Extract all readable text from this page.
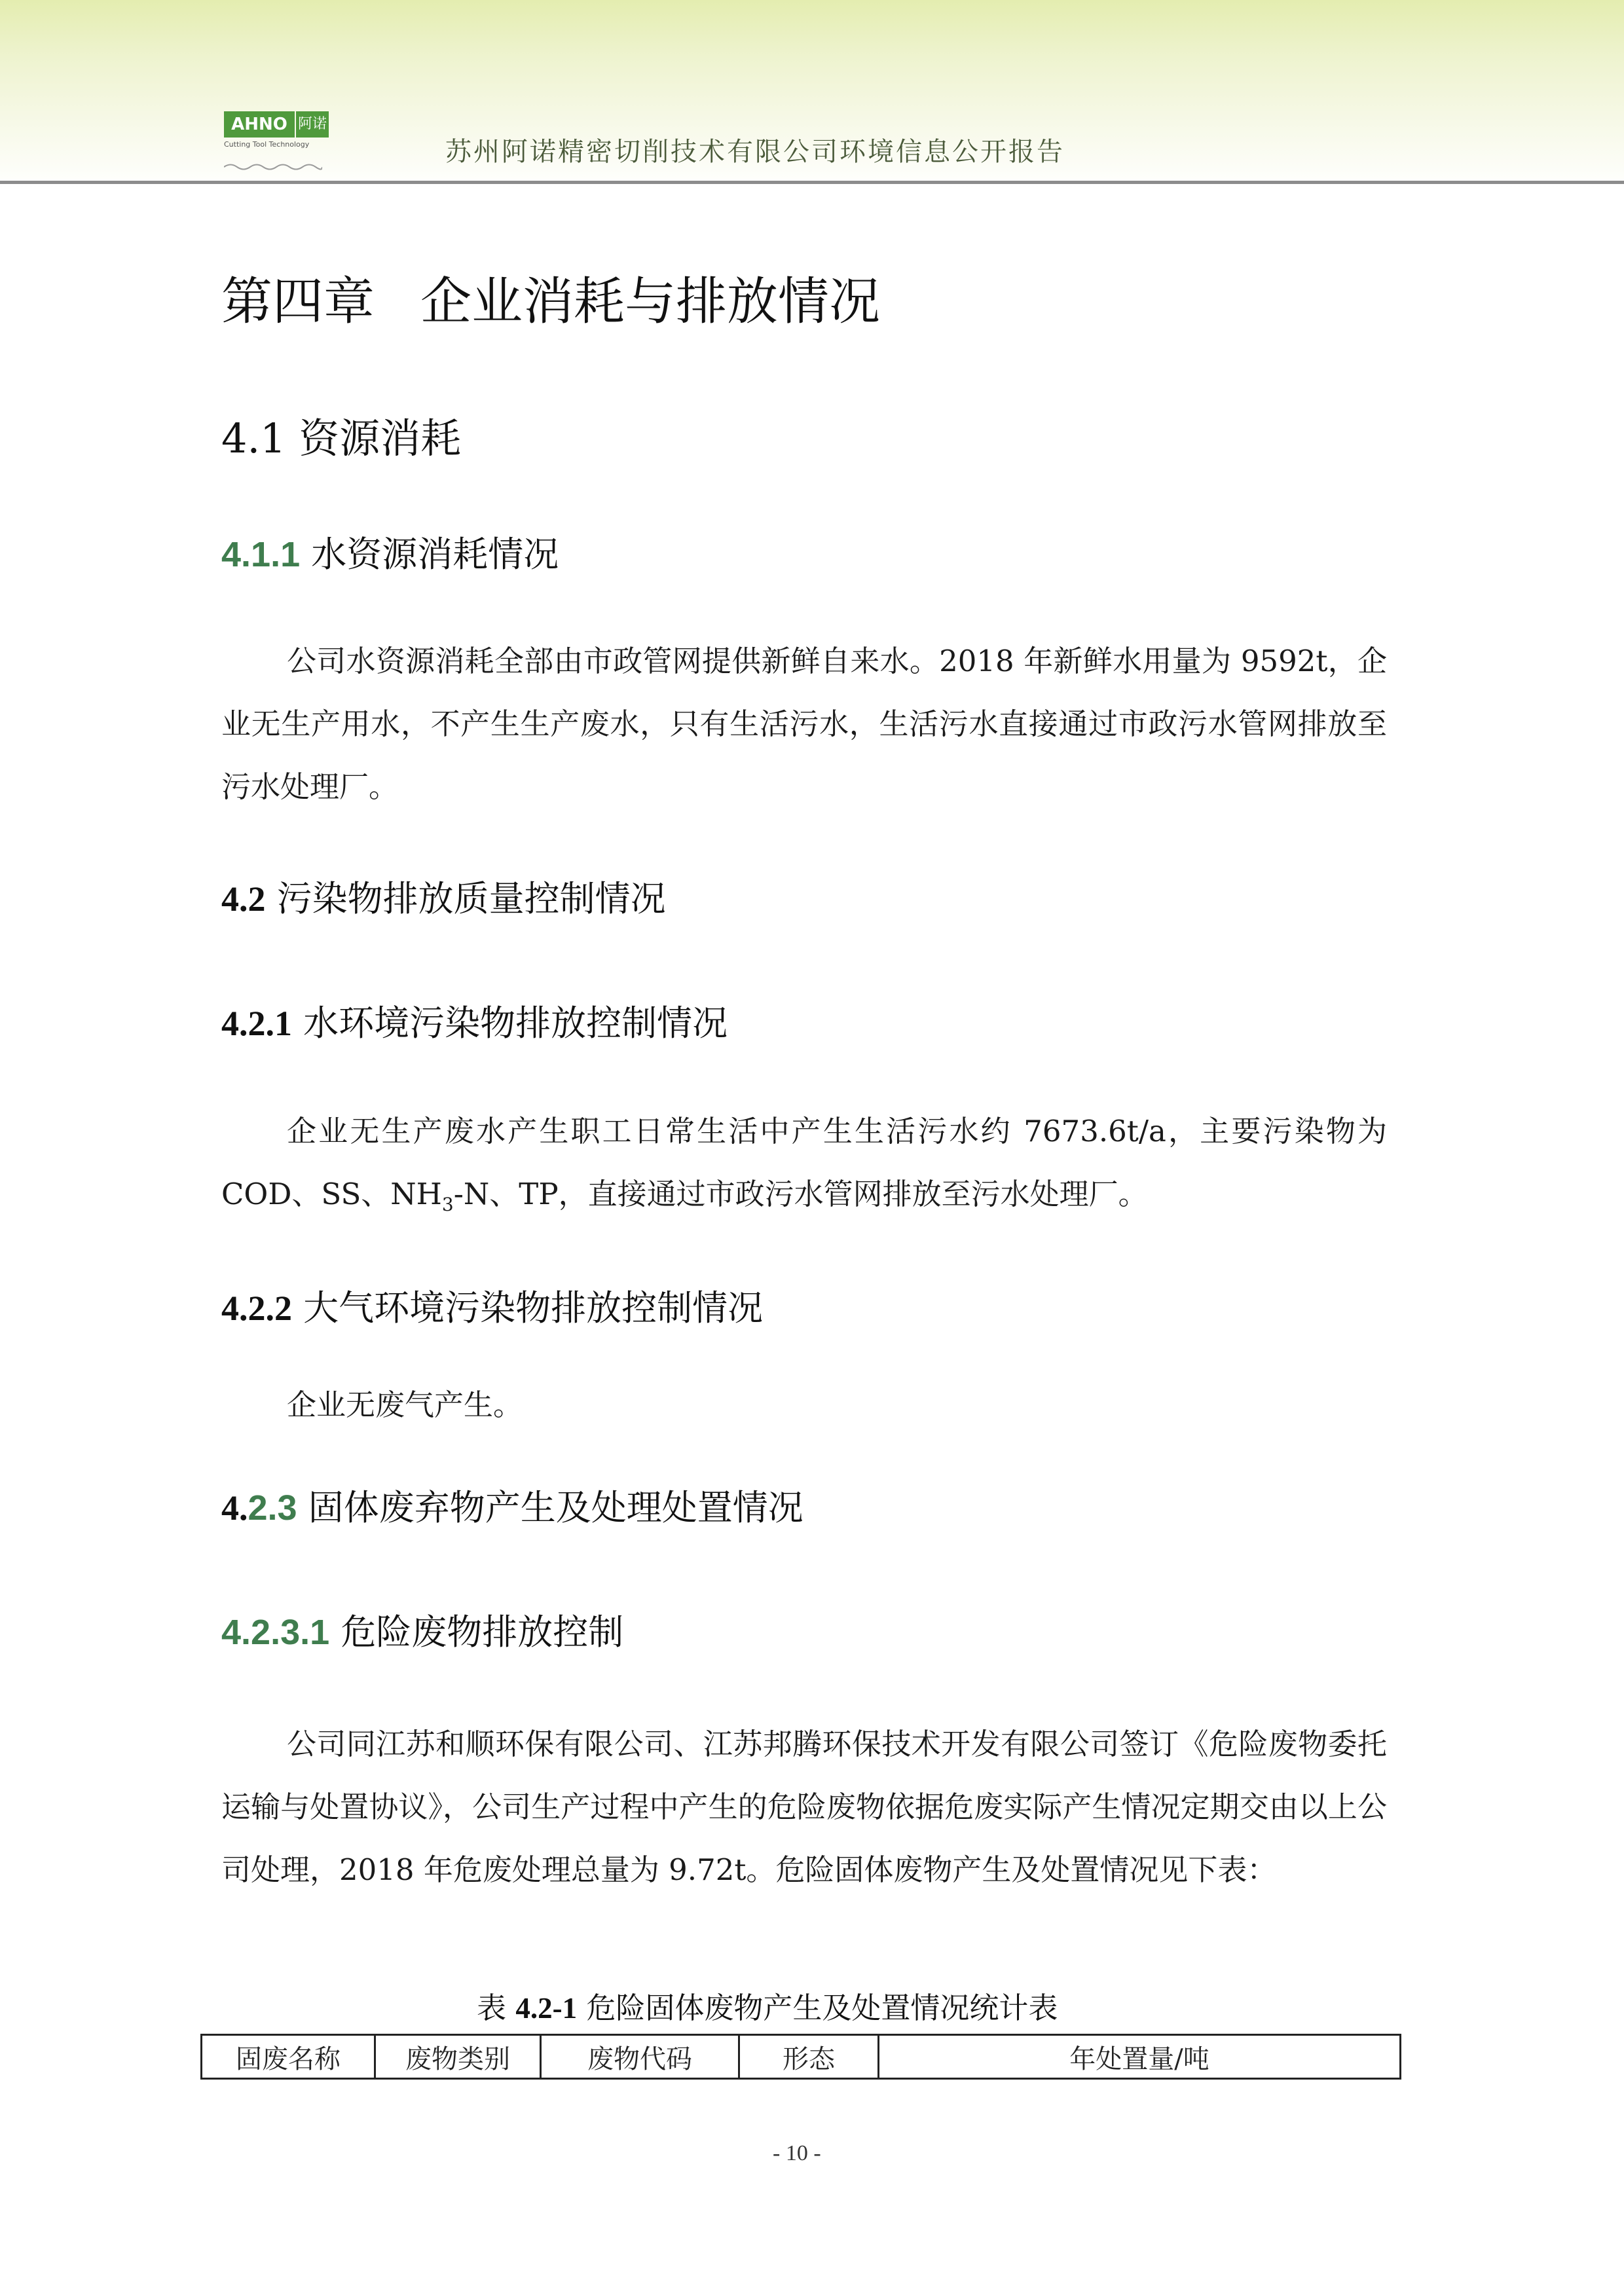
AHNO 阿诺
Cutting Tool Technology	苏州阿诺精密切削技术有限公司环境信息公开报告
第四章 企业消耗与排放情况
4.1 资源消耗
4.1.1 水资源消耗情况
公司水资源消耗全部由市政管网提供新鲜自来水。2018 年新鲜水用量为 9592t，企业无生产用水，不产生生产废水，只有生活污水，生活污水直接通过市政污水管网排放至污水处理厂。
4.2 污染物排放质量控制情况
4.2.1 水环境污染物排放控制情况
企业无生产废水产生职工日常生活中产生生活污水约 7673.6t/a，主要污染物为 COD、SS、$NH_3-N$、TP，直接通过市政污水管网排放至污水处理厂。
4.2.2 大气环境污染物排放控制情况
企业无废气产生。
4.2.3 固体废弃物产生及处理处置情况
4.2.3.1 危险废物排放控制
公司同江苏和顺环保有限公司、江苏邦腾环保技术开发有限公司签订《危险废物委托运输与处置协议》，公司生产过程中产生的危险废物依据危废实际产生情况定期交由以上公司处理，2018 年危废处理总量为 9.72t。危险固体废物产生及处置情况见下表：
表 4.2-1 危险固体废物产生及处置情况统计表
固废名称	废物类别	废物代码	形态	年处置量/吨
- 10 -
